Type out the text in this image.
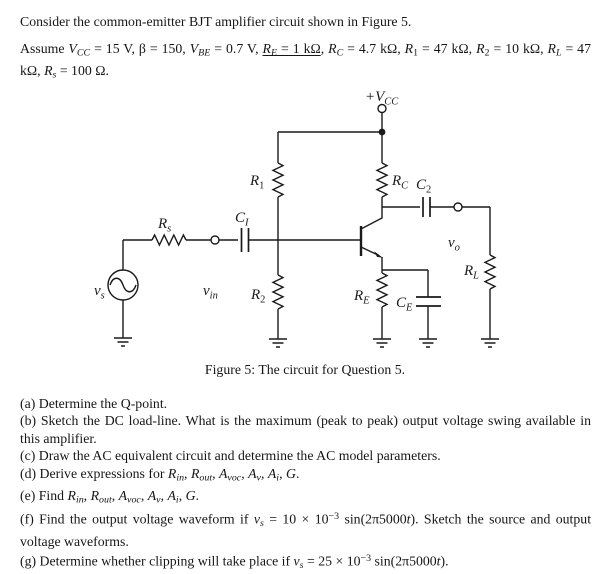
Consider the common-emitter BJT amplifier circuit shown in Figure 5.
Assume VCC = 15 V, β = 150, VBE = 0.7 V, RE = 1 kΩ, RC = 4.7 kΩ, R1 = 47 kΩ, R2 = 10 kΩ, RL = 47 kΩ, Rs = 100 Ω.
$+V_{CC}$
$R_1$	$R_C$ $C_2$
$C_I$
$R_s$
$v_s$	$v_{in}$ $R_2$	$R_E$ $C_E$
$v_o$
$R_L$
Figure 5: The circuit for Question 5.

(a) Determine the Q-point.

(b) Sketch the DC load-line. What is the maximum (peak to peak) output voltage swing available in this amplifier.

(c) Draw the AC equivalent circuit and determine the AC model parameters.

(d) Derive expressions for Rin, Rout, Avoc, Av, Ai, G.

(e) Find Rin, Rout, Avoc, Av, Ai, G.

(f) Find the output voltage waveform if vs = $10 \times 10^{-3}$ sin(2π5000t). Sketch the source and output voltage waveforms.

(g) Determine whether clipping will take place if vs = $25 \times 10^{-3}$ sin(2π5000t).
